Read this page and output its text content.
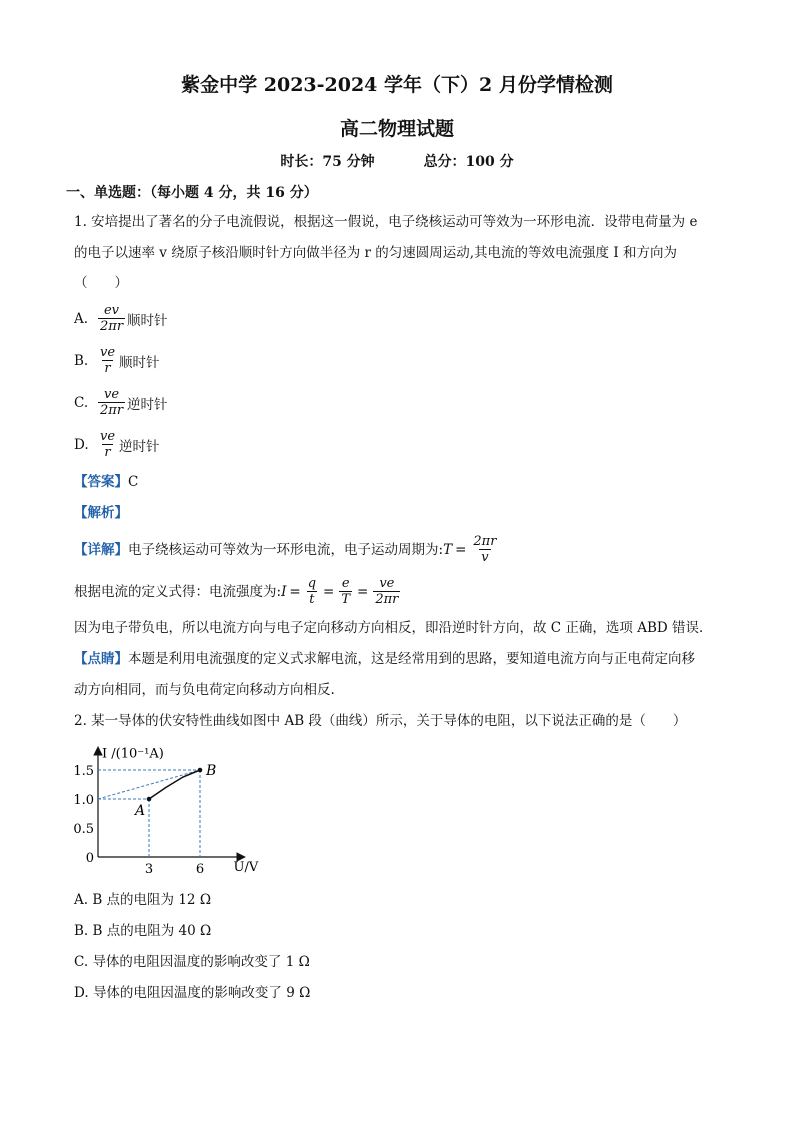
紫金中学 2023-2024 学年（下）2 月份学情检测
高二物理试题
时长：75 分钟	总分：100 分
一、单选题：（每小题 4 分，共 16 分）
1. 安培提出了著名的分子电流假说，根据这一假说，电子绕核运动可等效为一环形电流．设带电荷量为 e
的电子以速率 v 绕原子核沿顺时针方向做半径为 r 的匀速圆周运动,其电流的等效电流强度 I 和方向为
（　　）
A. $\frac{ev}{2\pi r}$ 顺时针
B. $\frac{ve}{r}$ 顺时针
C. $\frac{ve}{2\pi r}$ 逆时针
D. $\frac{ve}{r}$ 逆时针
【答案】C
【解析】
【详解】 电子绕核运动可等效为一环形电流，电子运动周期为: $T = \frac{2\pi r}{v}$
根据电流的定义式得：电流强度为: $I = \frac{q}{t} = \frac{e}{T} = \frac{ve}{2\pi r}$
因为电子带负电，所以电流方向与电子定向移动方向相反，即沿逆时针方向，故 C 正确，选项 ABD 错误．
【点睛】本题是利用电流强度的定义式求解电流，这是经常用到的思路，要知道电流方向与正电荷定向移
动方向相同，而与负电荷定向移动方向相反.
2. 某一导体的伏安特性曲线如图中 AB 段（曲线）所示，关于导体的电阻，以下说法正确的是（　　）
A
B
0
0.5
1.0
1.5
3	6
I /(10⁻¹A)
U/V
A. B 点的电阻为 12 Ω
B. B 点的电阻为 40 Ω
C. 导体的电阻因温度的影响改变了 1 Ω
D. 导体的电阻因温度的影响改变了 9 Ω
